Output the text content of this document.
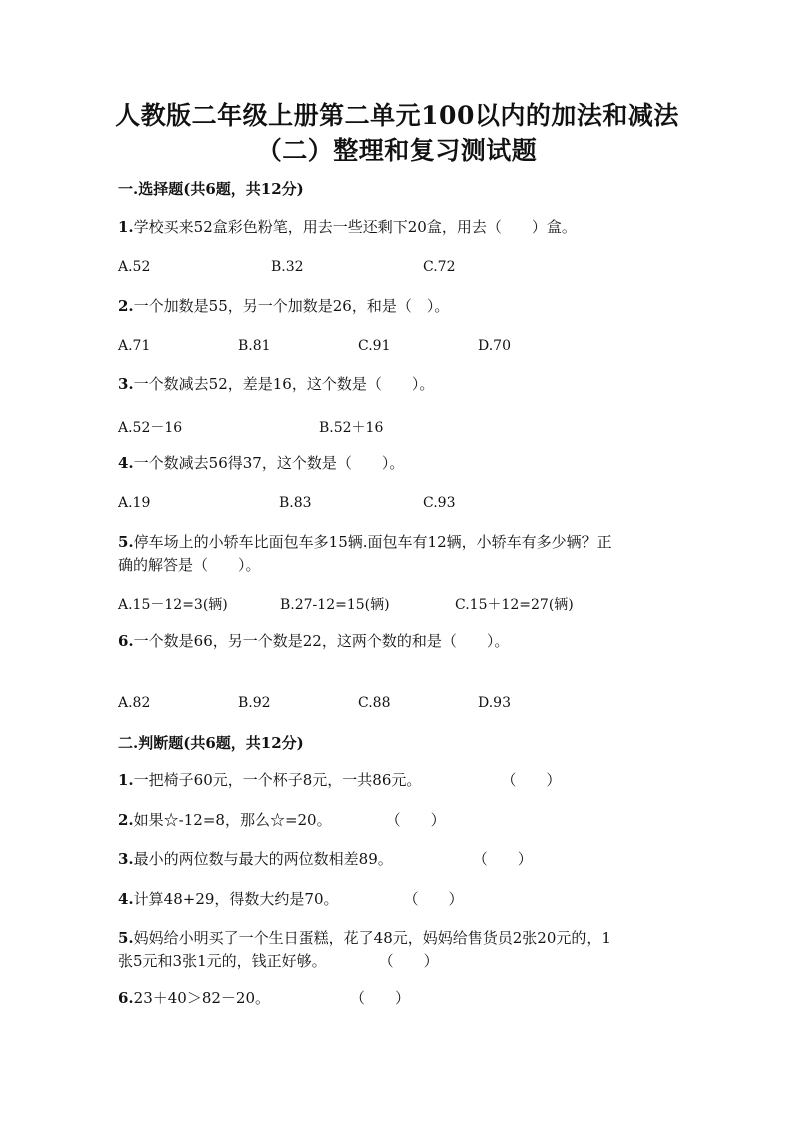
人教版二年级上册第二单元100以内的加法和减法
（二）整理和复习测试题
一.选择题(共6题，共12分)
1.学校买来52盒彩色粉笔，用去一些还剩下20盒，用去（　　）盒。
A.52	B.32	C.72
2.一个加数是55，另一个加数是26，和是（　）。
A.71	B.81	C.91	D.70
3.一个数减去52，差是16，这个数是（　　）。
A.52－16	B.52＋16
4.一个数减去56得37，这个数是（　　）。
A.19	B.83	C.93
5.停车场上的小轿车比面包车多15辆.面包车有12辆，小轿车有多少辆？正
确的解答是（　　）。
A.15－12=3(辆)	B.27-12=15(辆)	C.15＋12=27(辆)
6.一个数是66，另一个数是22，这两个数的和是（　　）。
A.82	B.92	C.88	D.93
二.判断题(共6题，共12分)
1.一把椅子60元，一个杯子8元，一共86元。	（　　）
2.如果☆-12=8，那么☆=20。	（　　）
3.最小的两位数与最大的两位数相差89。	（　　）
4.计算48+29，得数大约是70。	（　　）
5.妈妈给小明买了一个生日蛋糕，花了48元，妈妈给售货员2张20元的，1
张5元和3张1元的，钱正好够。	（　　）
6.23＋40＞82－20。	（　　）
